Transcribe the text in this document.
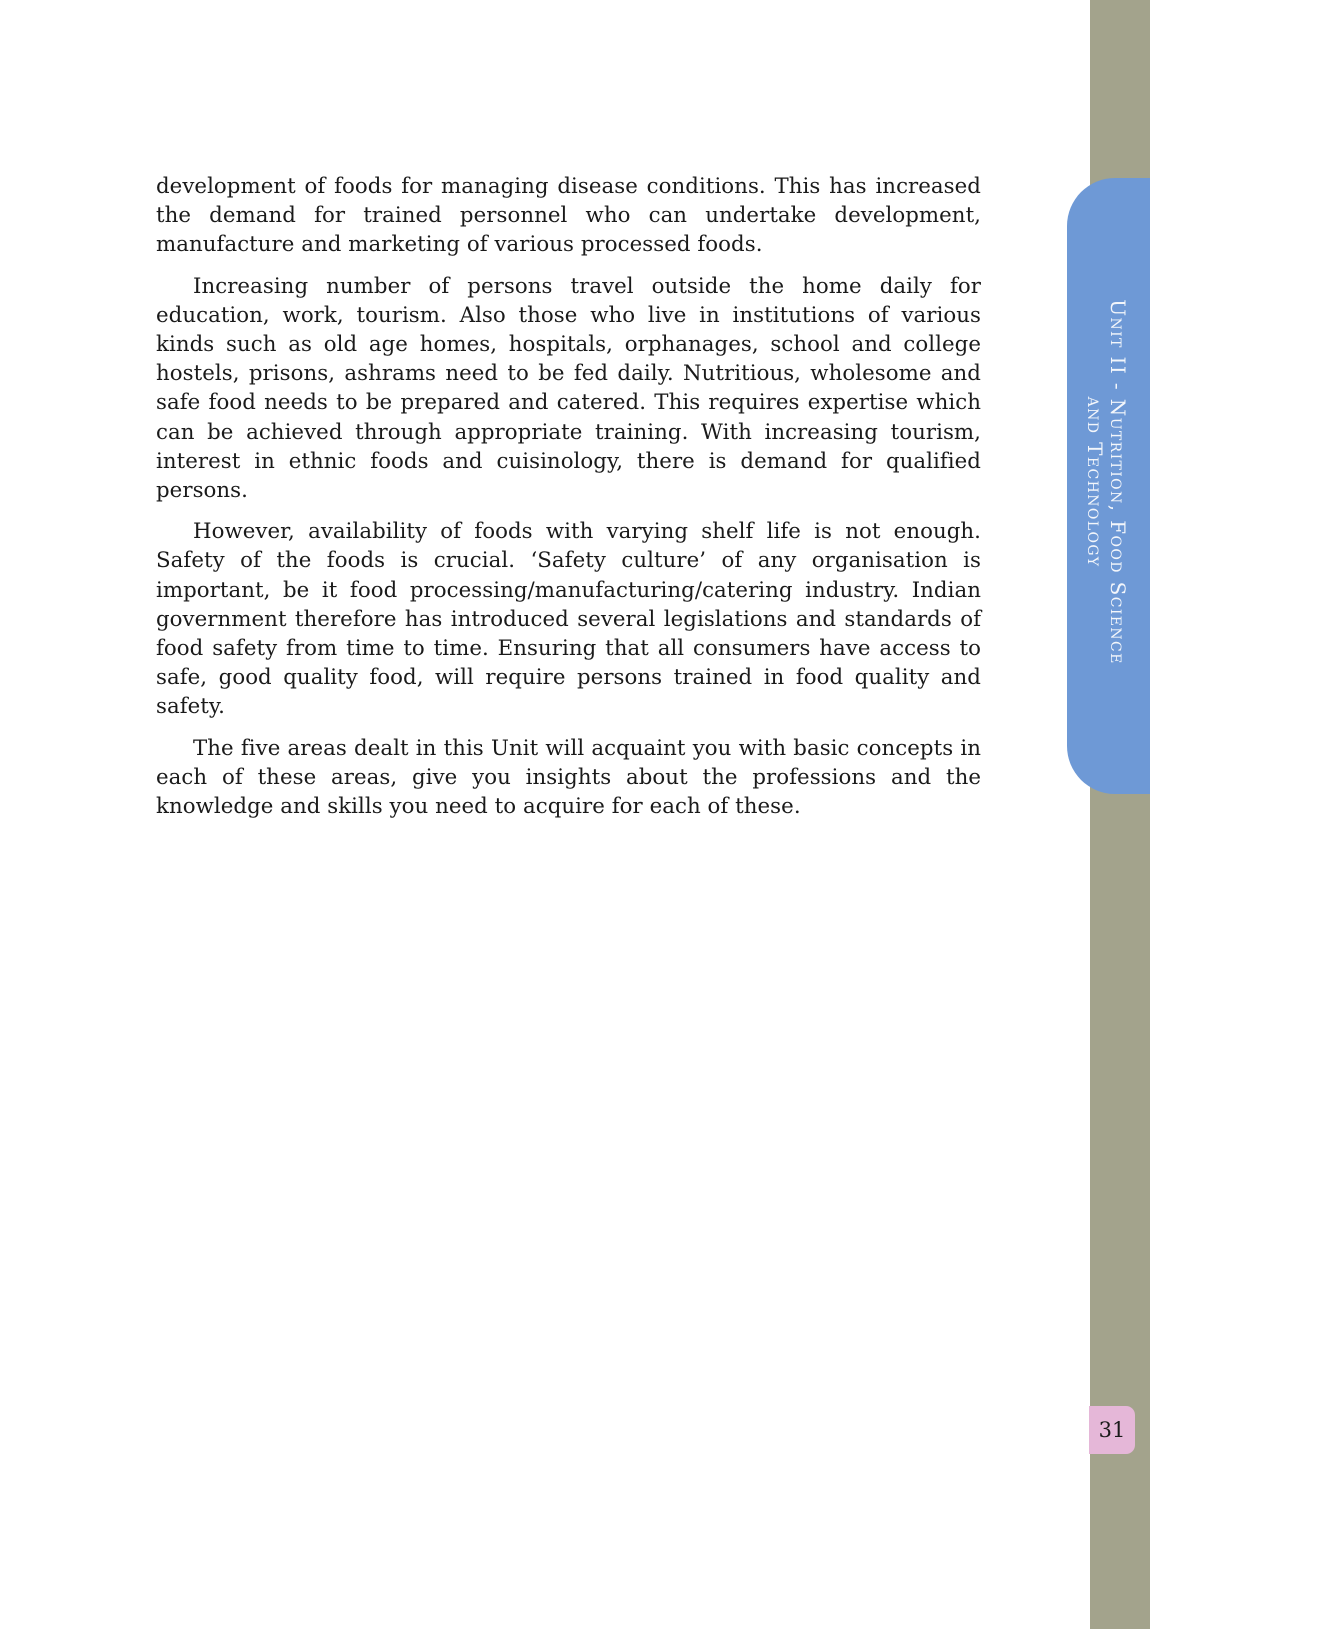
development of foods for managing disease conditions. This has increased the demand for trained personnel who can undertake development, manufacture and marketing of various processed foods.

Increasing number of persons travel outside the home daily for education, work, tourism. Also those who live in institutions of various kinds such as old age homes, hospitals, orphanages, school and college hostels, prisons, ashrams need to be fed daily. Nutritious, wholesome and safe food needs to be prepared and catered. This requires expertise which can be achieved through appropriate training. With increasing tourism, interest in ethnic foods and cuisinology, there is demand for qualified persons.

However, availability of foods with varying shelf life is not enough. Safety of the foods is crucial. ‘Safety culture’ of any organisation is important, be it food processing/manufacturing/catering industry. Indian government therefore has introduced several legislations and standards of food safety from time to time. Ensuring that all consumers have access to safe, good quality food, will require persons trained in food quality and safety.

The five areas dealt in this Unit will acquaint you with basic concepts in each of these areas, give you insights about the professions and the knowledge and skills you need to acquire for each of these.

Unit II - Nutrition, Food Science
and Technology
31
